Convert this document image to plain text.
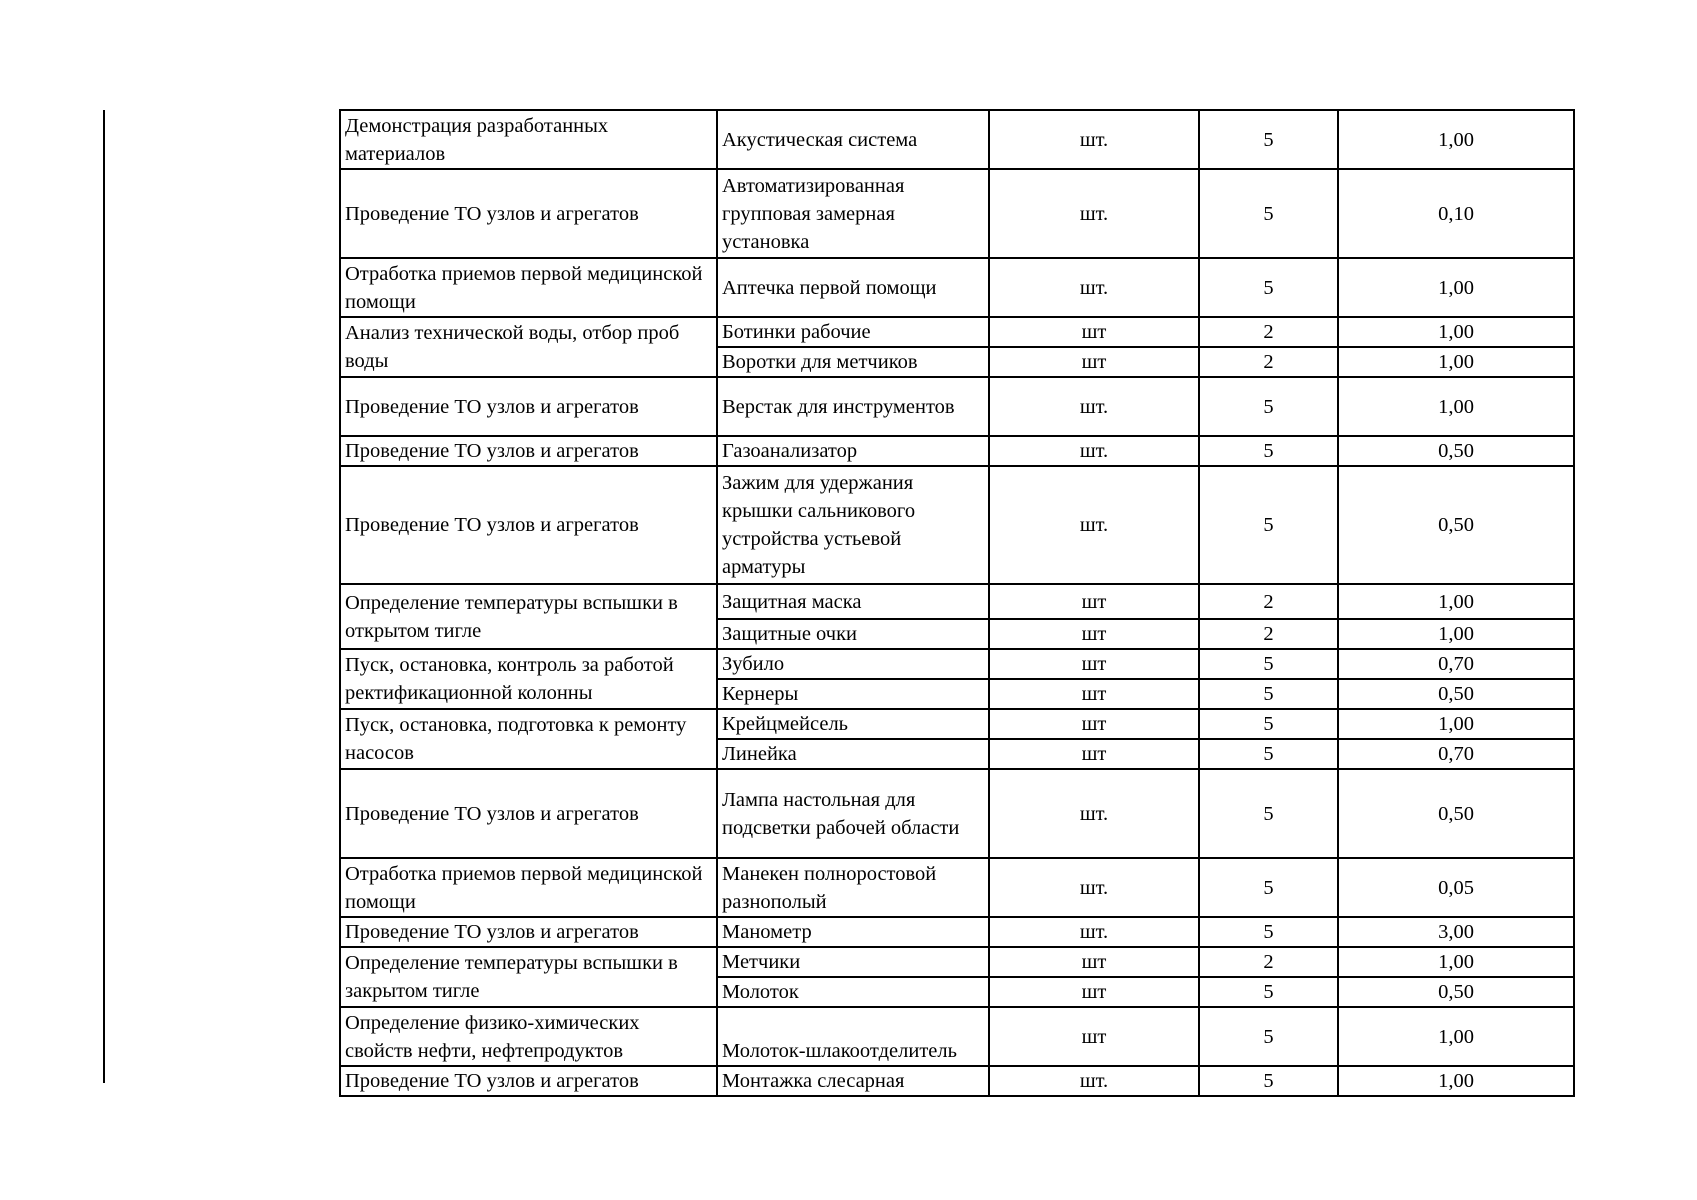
Демонстрация разработанных материалов	Акустическая система	шт.	5	1,00
Проведение ТО узлов и агрегатов	Автоматизированная групповая замерная установка	шт.	5	0,10
Отработка приемов первой медицинской помощи	Аптечка первой помощи	шт.	5	1,00
Анализ технической воды, отбор проб воды	Ботинки рабочие	шт	2	1,00
	Воротки для метчиков	шт	2	1,00
Проведение ТО узлов и агрегатов	Верстак для инструментов	шт.	5	1,00
Проведение ТО узлов и агрегатов	Газоанализатор	шт.	5	0,50
Проведение ТО узлов и агрегатов	Зажим для удержания крышки сальникового устройства устьевой арматуры	шт.	5	0,50
Определение температуры вспышки в открытом тигле	Защитная маска	шт	2	1,00
	Защитные очки	шт	2	1,00
Пуск, остановка, контроль за работой ректификационной колонны	Зубило	шт	5	0,70
	Кернеры	шт	5	0,50
Пуск, остановка, подготовка к ремонту насосов	Крейцмейсель	шт	5	1,00
	Линейка	шт	5	0,70
Проведение ТО узлов и агрегатов	Лампа настольная для подсветки рабочей области	шт.	5	0,50
Отработка приемов первой медицинской помощи	Манекен полноростовой разнополый	шт.	5	0,05
Проведение ТО узлов и агрегатов	Манометр	шт.	5	3,00
Определение температуры вспышки в закрытом тигле	Метчики	шт	2	1,00
	Молоток	шт	5	0,50
Определение физико-химических свойств нефти, нефтепродуктов	Молоток-шлакоотделитель	шт	5	1,00
Проведение ТО узлов и агрегатов	Монтажка слесарная	шт.	5	1,00
